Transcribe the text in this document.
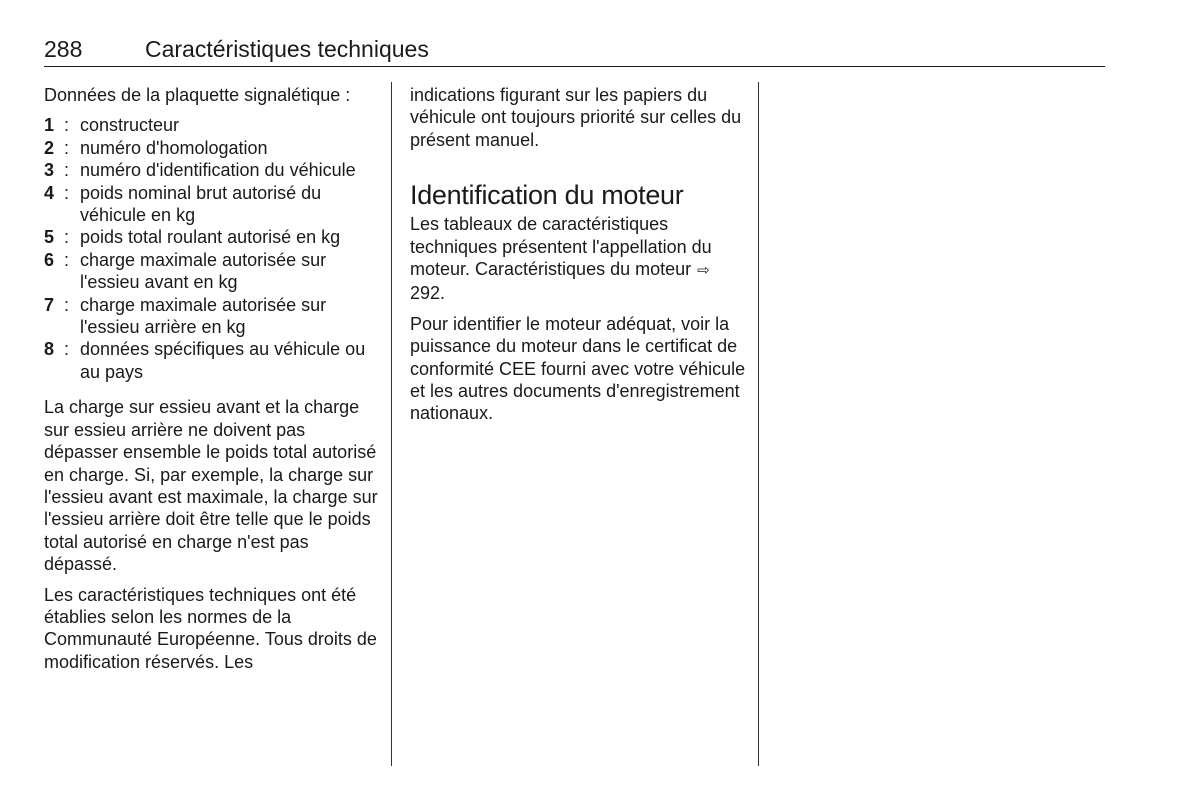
288	Caractéristiques techniques

Données de la plaquette signalétique :

1 : constructeur
2 : numéro d'homologation
3 : numéro d'identification du véhicule
4 : poids nominal brut autorisé du véhicule en kg
5 : poids total roulant autorisé en kg
6 : charge maximale autorisée sur l'essieu avant en kg
7 : charge maximale autorisée sur l'essieu arrière en kg
8 : données spécifiques au véhicule ou au pays

La charge sur essieu avant et la charge sur essieu arrière ne doivent pas dépasser ensemble le poids total autorisé en charge. Si, par exemple, la charge sur l'essieu avant est maximale, la charge sur l'essieu arrière doit être telle que le poids total autorisé en charge n'est pas dépassé.

Les caractéristiques techniques ont été établies selon les normes de la Communauté Européenne. Tous droits de modification réservés. Les

indications figurant sur les papiers du véhicule ont toujours priorité sur celles du présent manuel.

Identification du moteur

Les tableaux de caractéristiques techniques présentent l'appellation du moteur. Caractéristiques du moteur ⇨292.

Pour identifier le moteur adéquat, voir la puissance du moteur dans le certificat de conformité CEE fourni avec votre véhicule et les autres documents d'enregistrement nationaux.
